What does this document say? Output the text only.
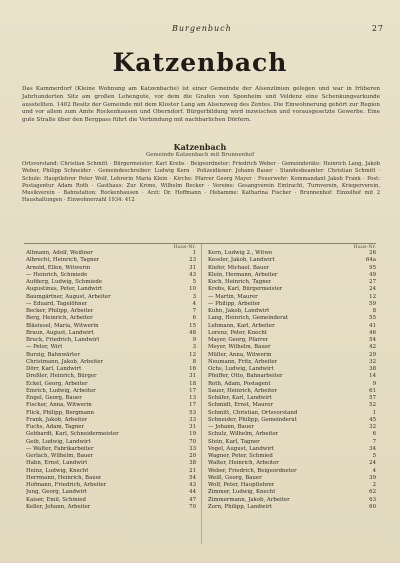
Burgenbuch	27
Katzenbach
Das Kammerdorf (Kleine Wohnung am Katzenbache) ist einer Gemeinde der Alsenzlinien gelegen und war in früheren Jahrhunderten Sitz am großen Lehengute, vor dem die Grafen von Sponheim und Veldenz eine Schenkungsurkunde ausstellten. 1402 Besitz der Gemeinde mit dem Kloster Lang am Alsenzweg des Zentes. Die Einwohnerung gehört zur Region und vor allem zum Amte Rockenhausen und Oberndorf. Bürgerbildung wird inzwischen und vorausgesetzte Gewerbe. Eine gute Straße über den Bergpass führt die Verbindung mit nachbarlichen Dörfern.
Katzenbach
Gemeinde Katzenbach mit Brunnenhof
Ortsvorstand: Christian Schmitt · Bürgermeister: Karl Krebs · Beigeordneter: Friedrich Weber · Gemeinderäte: Heinrich Lang, Jakob Weber, Philipp Schneider · Gemeindeschreiber: Ludwig Kern · Polizeidiener: Johann Bauer · Standesbeamter: Christian Schmitt · Schule: Hauptlehrer Peter Wolf, Lehrerin Maria Klein · Kirche: Pfarrer Georg Mayer · Feuerwehr: Kommandant Jakob Frank · Post: Postagentur Adam Roth · Gasthaus: Zur Krone, Wilhelm Becker · Vereine: Gesangverein Eintracht, Turnverein, Kriegerverein, Musikverein · Bahnstation: Rockenhausen · Arzt: Dr. Hoffmann · Hebamme: Katharina Fischer · Brunnenhof: Einzelhof mit 2 Haushaltungen · Einwohnerzahl 1934: 412
Haus-Nr.
Altmann, Adolf, Weißner	1
Albrecht, Heinrich, Tagner	23
Arnold, Ellen, Witwerin	31
— Heinrich, Schmiede	43
Aufderg, Ludwig, Schmiede	5
Augustinus, Peter, Landwirt	10
Baumgärtner, August, Arbeiter	3
— Eduard, Tagelöhner	4
Becker, Philipp, Arbeiter	7
Berg, Heinrich, Arbeiter	6
Bläsiusel, Maria, Witwerin	15
Braun, August, Landwirt	48
Bruck, Friedrich, Landwirt	9
— Peter, Wirt	3
Burzig, Bahnwärter	12
Christmann, Jakob, Arbeiter	8
Dörr, Karl, Landwirt	16
Dreßler, Heinrich, Bürger	31
Eckel, Georg, Arbeiter	18
Emrich, Ludwig, Arbeiter	17
Engel, Georg, Bauer	13
Fischer, Anna, Witwerin	17
Flick, Philipp, Bergmann	53
Frank, Jakob, Arbeiter	33
Fuchs, Adam, Tagner	31
Gebhardt, Karl, Schneidermeister	19
Geib, Ludwig, Landwirt	70
— Walter, Fabrikarbeiter	33
Gerlach, Wilhelm, Bauer	20
Hahn, Ernst, Landwirt	38
Heinz, Ludwig, Knecht	21
Herrmann, Heinrich, Bauer	54
Hofmann, Friedrich, Arbeiter	43
Jung, Georg, Landwirt	44
Kaiser, Emil, Schmied	47
Keller, Johann, Arbeiter	70
Haus-Nr.
Kern, Ludwig 2., Witwe	26
Kessler, Jakob, Landwirt	64a
Kiefer, Michael, Bauer	95
Klein, Hermann, Arbeiter	49
Koch, Heinrich, Tagner	27
Krebs, Karl, Bürgermeister	24
— Martin, Maurer	12
— Philipp, Arbeiter	59
Kuhn, Jakob, Landwirt	8
Lang, Heinrich, Gemeinderat	55
Lehmann, Karl, Arbeiter	41
Lorenz, Peter, Knecht	46
Mayer, Georg, Pfarrer	54
Meyer, Wilhelm, Bauer	42
Müller, Anna, Witwerin	29
Neumann, Fritz, Arbeiter	32
Ochs, Ludwig, Landwirt	38
Pfeiffer, Otto, Bahnarbeiter	14
Roth, Adam, Postagent	9
Sauer, Heinrich, Arbeiter	61
Schäfer, Karl, Landwirt	57
Schmidt, Ernst, Maurer	52
Schmitt, Christian, Ortsvorstand	1
Schneider, Philipp, Gemeinderat	45
— Johann, Bauer	32
Schulz, Wilhelm, Arbeiter	6
Stein, Karl, Tagner	7
Vogel, August, Landwirt	34
Wagner, Peter, Schmied	5
Walter, Heinrich, Arbeiter	24
Weber, Friedrich, Beigeordneter	4
Weiß, Georg, Bauer	39
Wolf, Peter, Hauptlehrer	2
Zimmer, Ludwig, Knecht	62
Zimmermann, Jakob, Arbeiter	63
Zorn, Philipp, Landwirt	60
